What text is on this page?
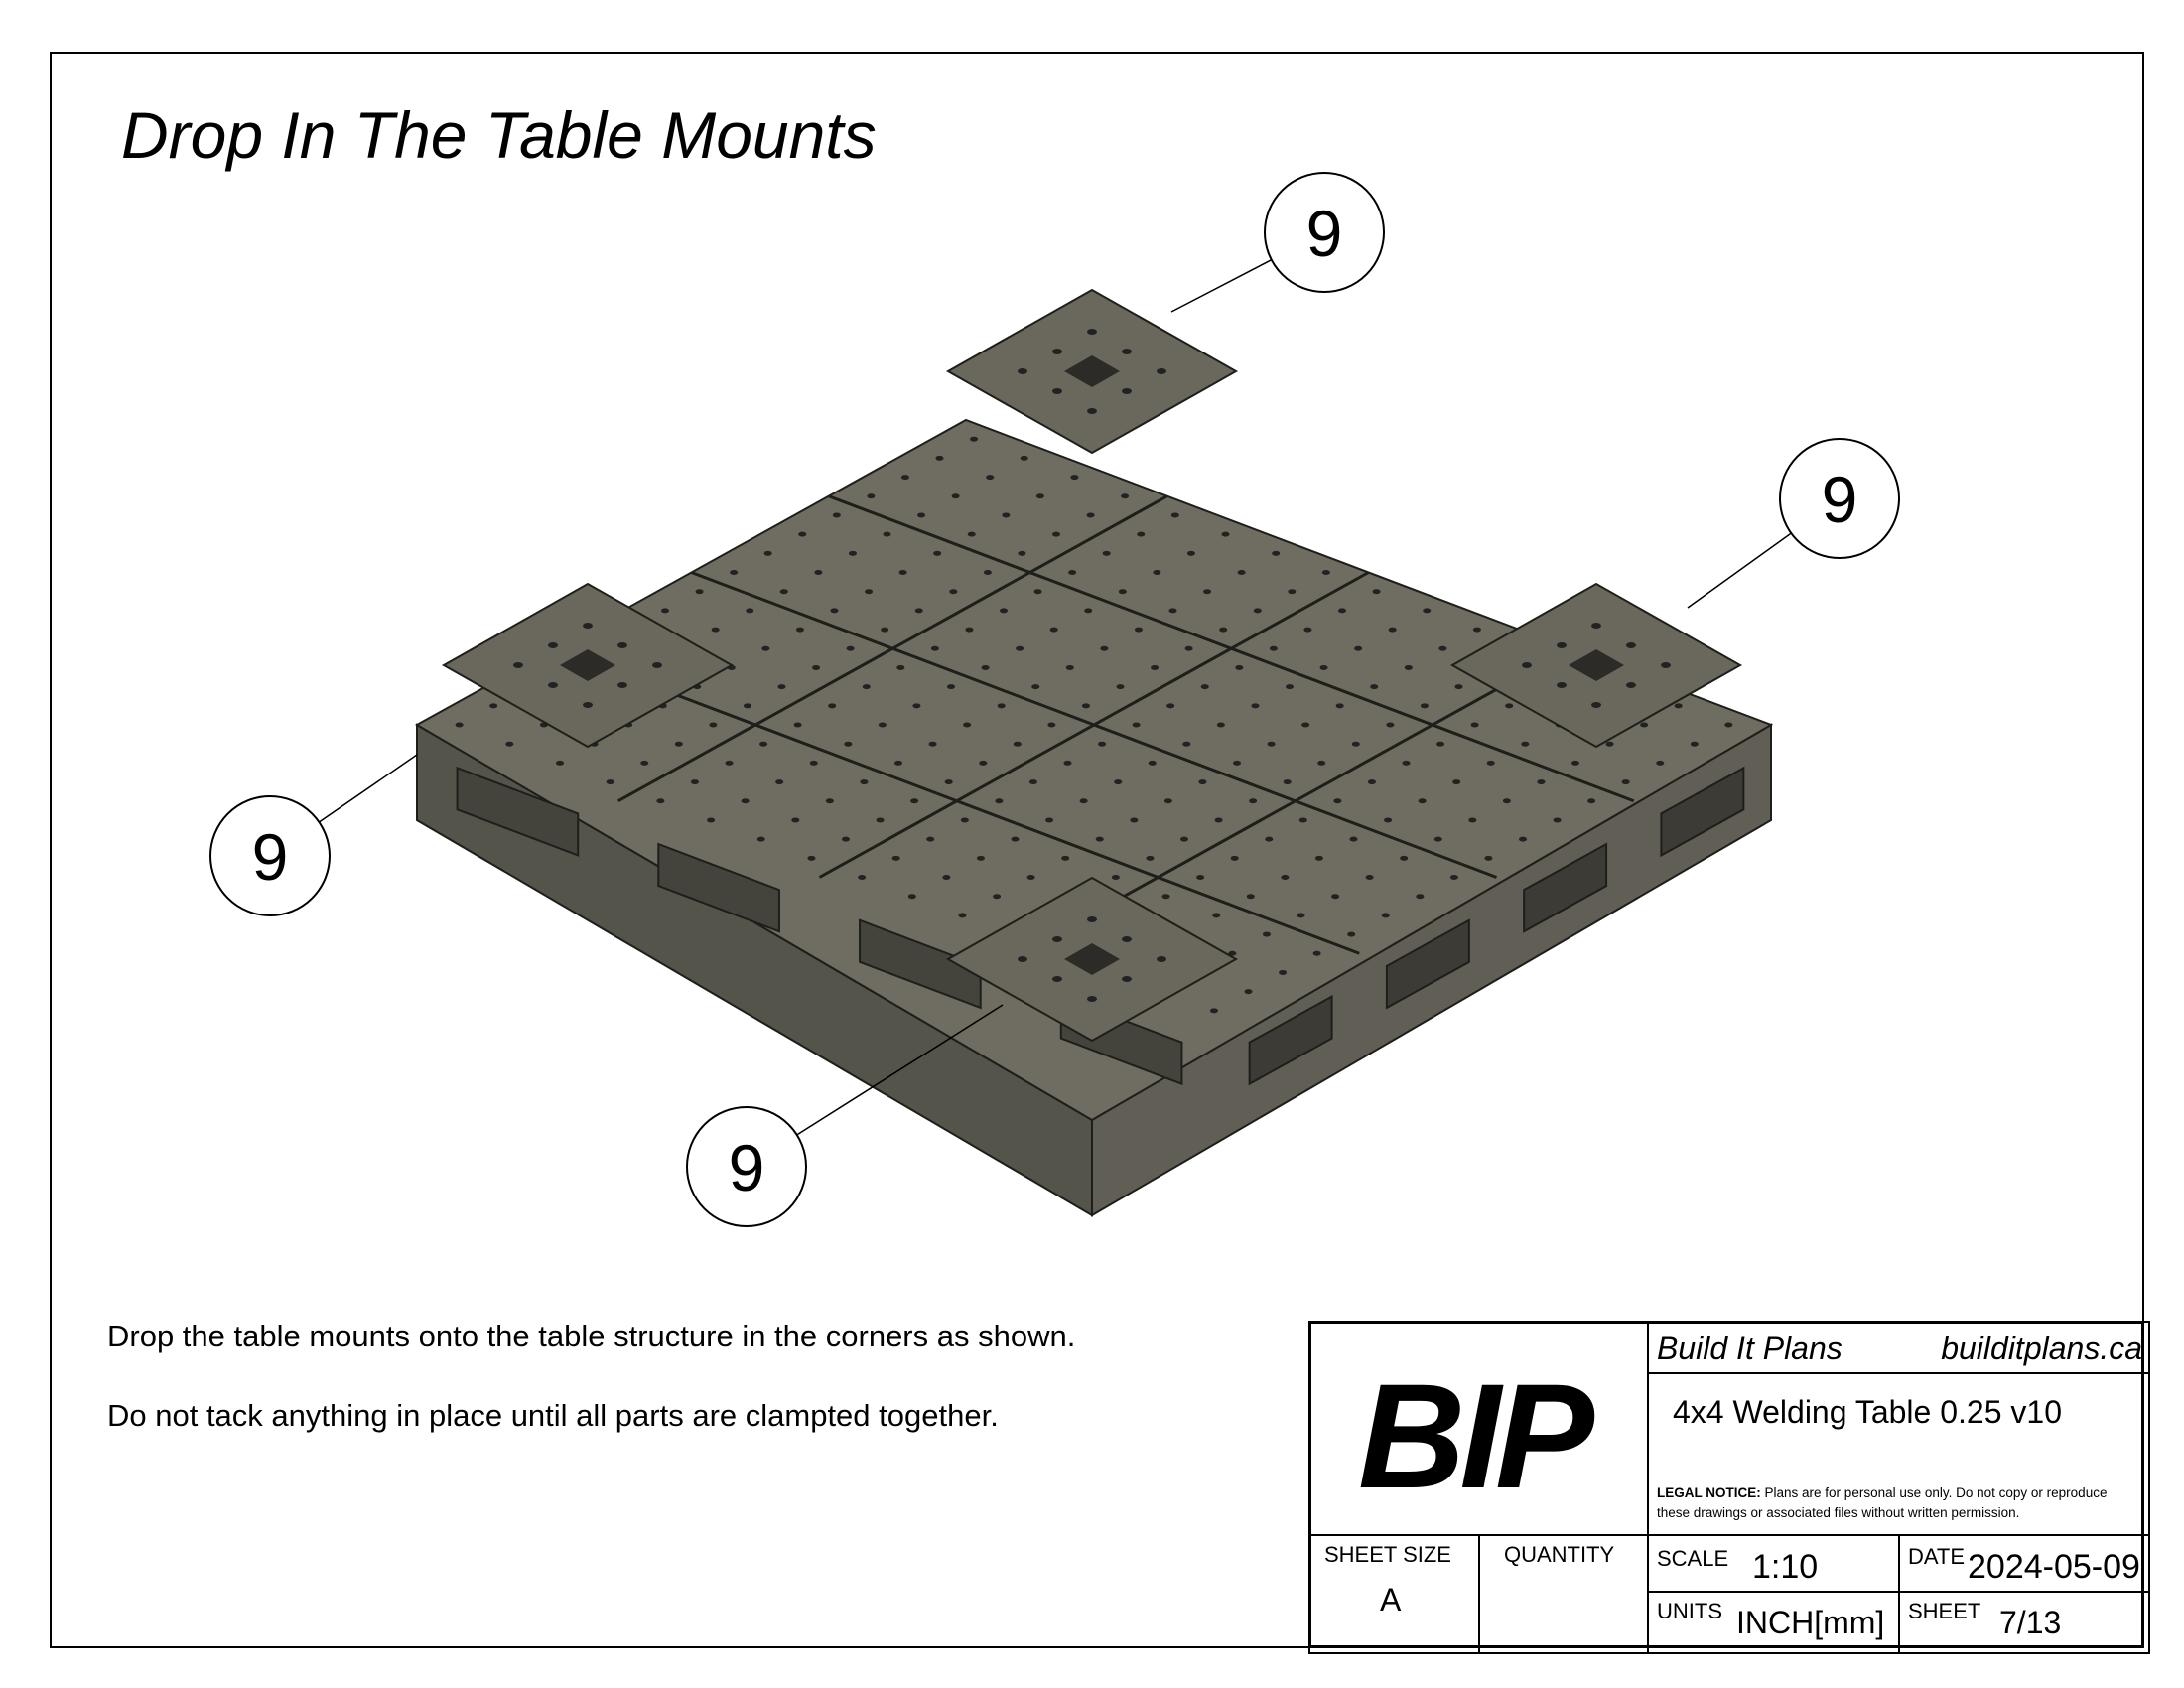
Drop In The Table Mounts
9
9
9
9
Drop the table mounts onto the table structure in the corners as shown.
Do not tack anything in place until all parts are clampted together. BIP
Build It Plans	builditplans.ca
4x4 Welding Table 0.25 v10
LEGAL NOTICE: Plans are for personal use only. Do not copy or reproduce these drawings or associated files without written permission.
SHEET SIZE
A
QUANTITY SCALE 1:10	DATE 2024-05-09
UNITS INCH[mm] SHEET 7/13
